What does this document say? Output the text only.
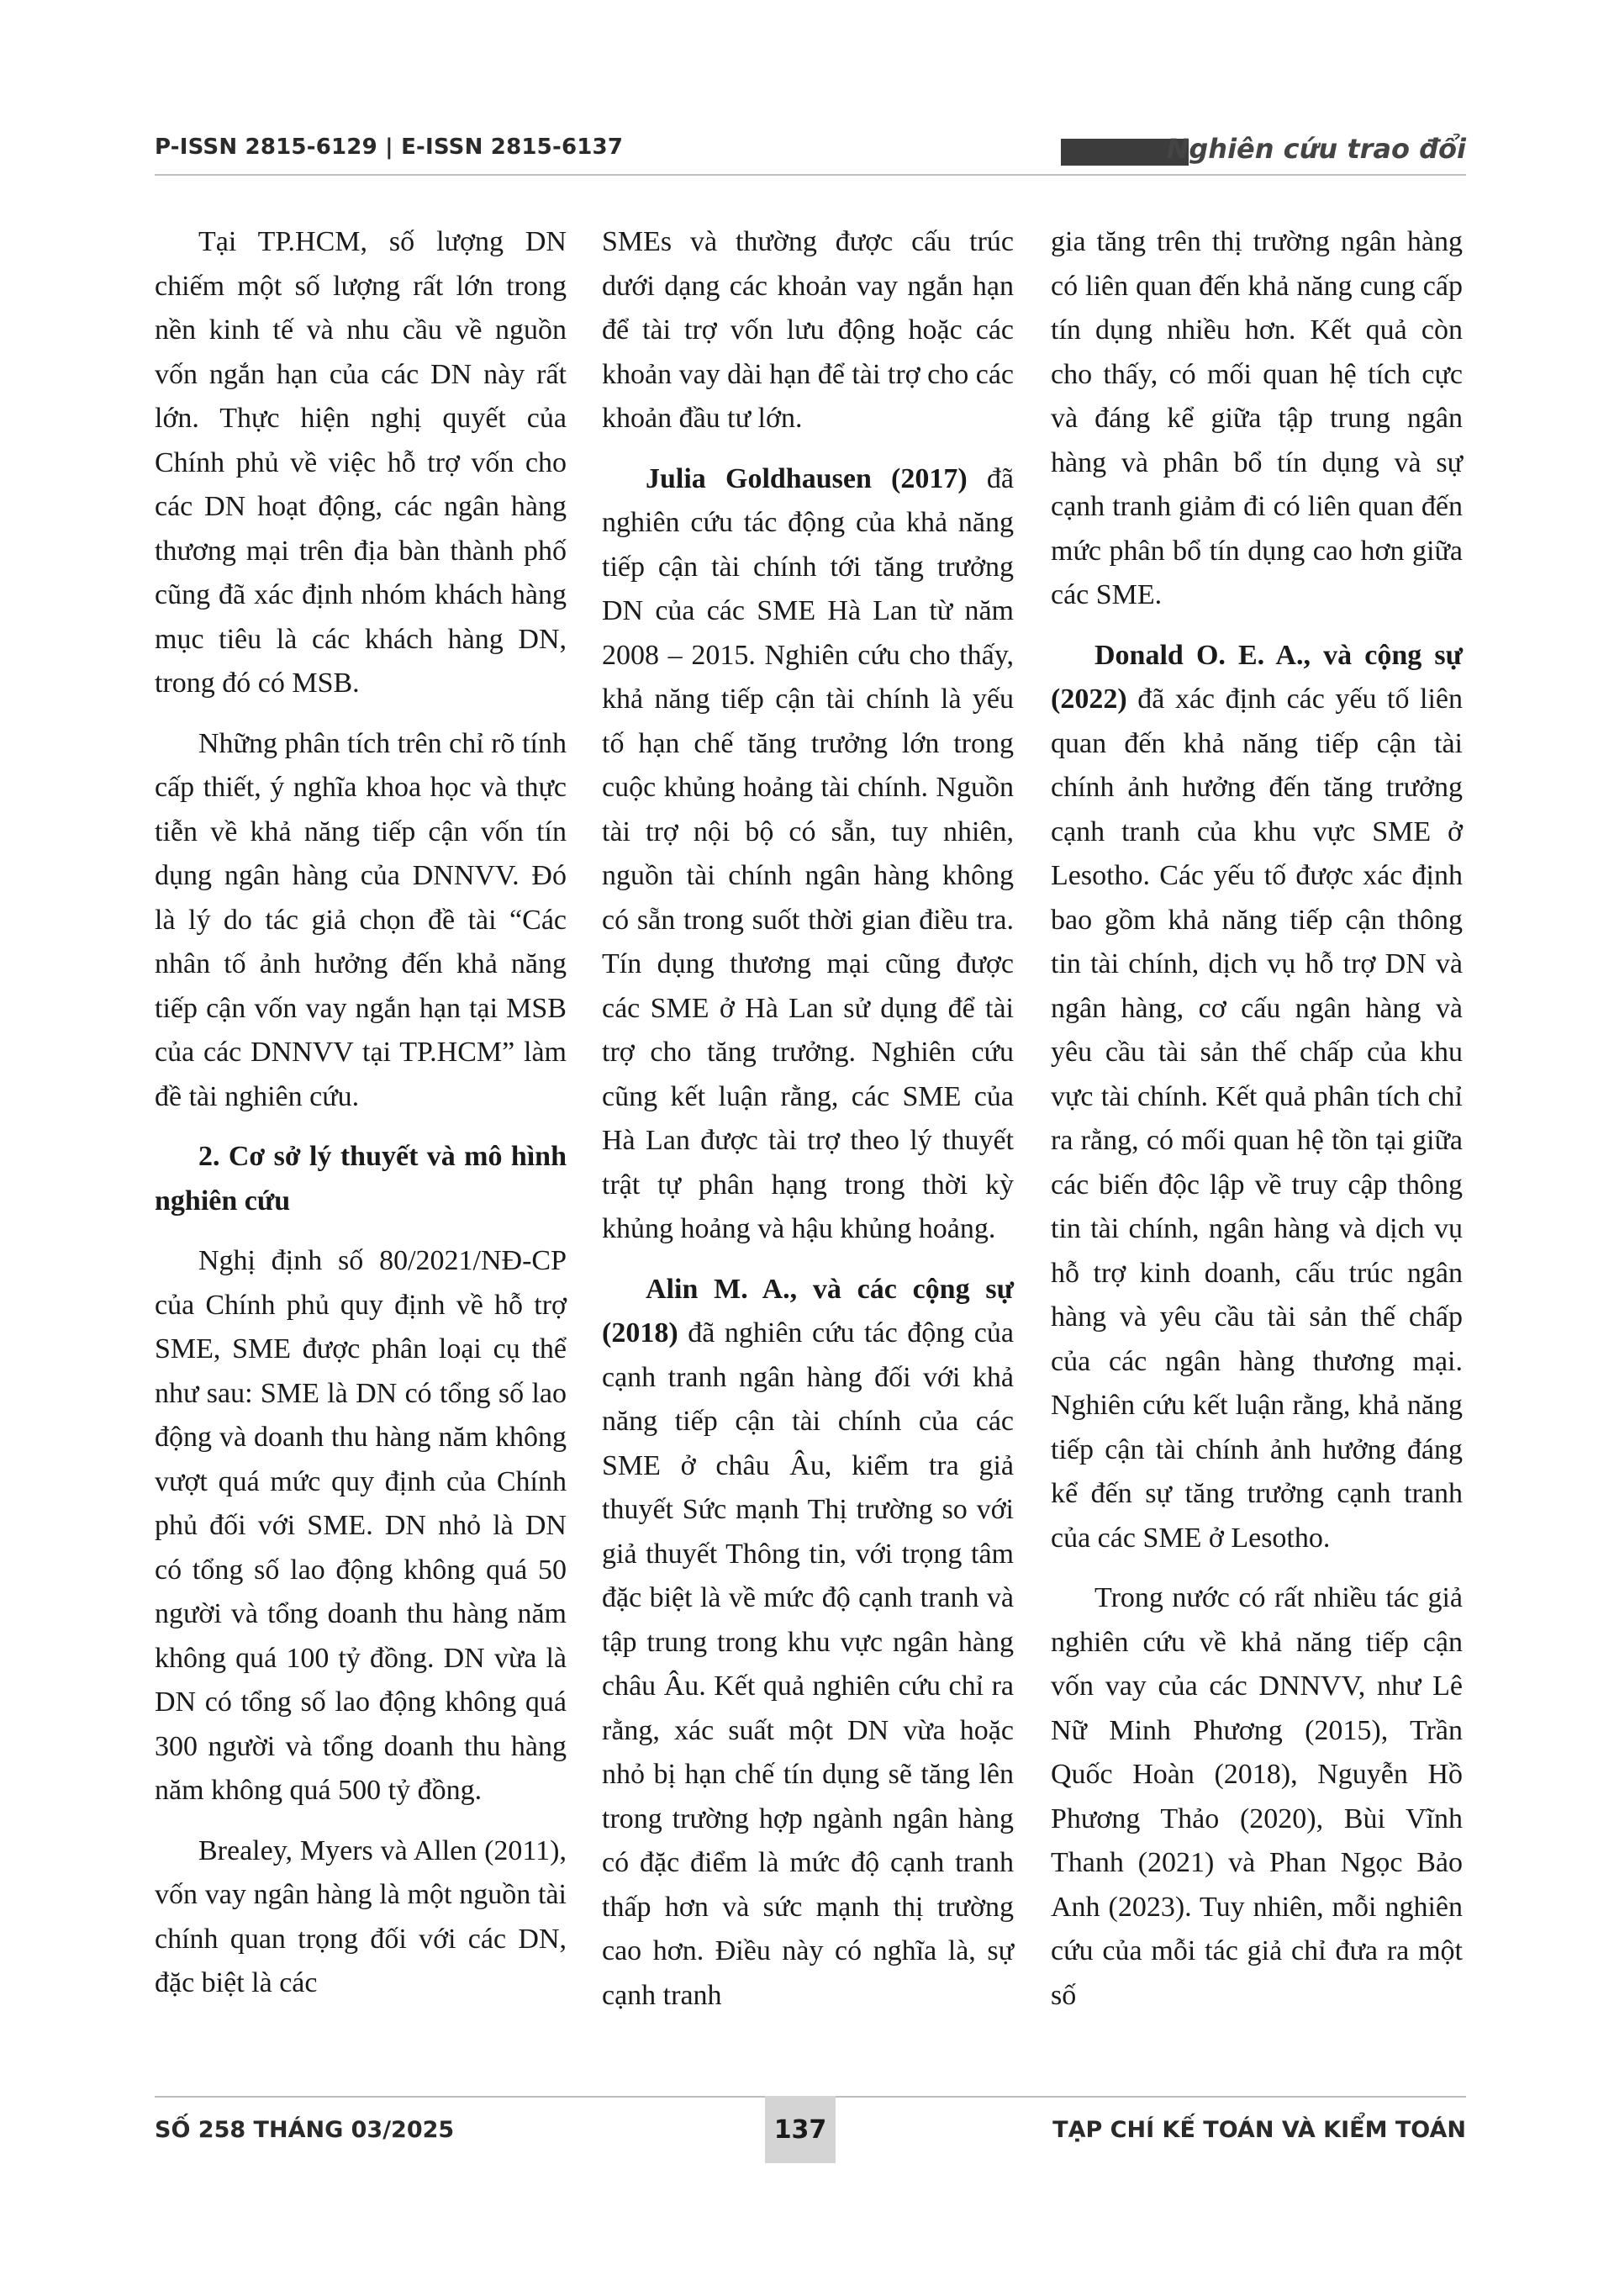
P-ISSN 2815-6129 | E-ISSN 2815-6137	Nghiên cứu trao đổi

Tại TP.HCM, số lượng DN chiếm một số lượng rất lớn trong nền kinh tế và nhu cầu về nguồn vốn ngắn hạn của các DN này rất lớn. Thực hiện nghị quyết của Chính phủ về việc hỗ trợ vốn cho các DN hoạt động, các ngân hàng thương mại trên địa bàn thành phố cũng đã xác định nhóm khách hàng mục tiêu là các khách hàng DN, trong đó có MSB.

Những phân tích trên chỉ rõ tính cấp thiết, ý nghĩa khoa học và thực tiễn về khả năng tiếp cận vốn tín dụng ngân hàng của DNNVV. Đó là lý do tác giả chọn đề tài “Các nhân tố ảnh hưởng đến khả năng tiếp cận vốn vay ngắn hạn tại MSB của các DNNVV tại TP.HCM” làm đề tài nghiên cứu.

2. Cơ sở lý thuyết và mô hình nghiên cứu

Nghị định số 80/2021/NĐ-CP của Chính phủ quy định về hỗ trợ SME, SME được phân loại cụ thể như sau: SME là DN có tổng số lao động và doanh thu hàng năm không vượt quá mức quy định của Chính phủ đối với SME. DN nhỏ là DN có tổng số lao động không quá 50 người và tổng doanh thu hàng năm không quá 100 tỷ đồng. DN vừa là DN có tổng số lao động không quá 300 người và tổng doanh thu hàng năm không quá 500 tỷ đồng.

Brealey, Myers và Allen (2011), vốn vay ngân hàng là một nguồn tài chính quan trọng đối với các DN, đặc biệt là các

SMEs và thường được cấu trúc dưới dạng các khoản vay ngắn hạn để tài trợ vốn lưu động hoặc các khoản vay dài hạn để tài trợ cho các khoản đầu tư lớn.

Julia Goldhausen (2017) đã nghiên cứu tác động của khả năng tiếp cận tài chính tới tăng trưởng DN của các SME Hà Lan từ năm 2008 – 2015. Nghiên cứu cho thấy, khả năng tiếp cận tài chính là yếu tố hạn chế tăng trưởng lớn trong cuộc khủng hoảng tài chính. Nguồn tài trợ nội bộ có sẵn, tuy nhiên, nguồn tài chính ngân hàng không có sẵn trong suốt thời gian điều tra. Tín dụng thương mại cũng được các SME ở Hà Lan sử dụng để tài trợ cho tăng trưởng. Nghiên cứu cũng kết luận rằng, các SME của Hà Lan được tài trợ theo lý thuyết trật tự phân hạng trong thời kỳ khủng hoảng và hậu khủng hoảng.

Alin M. A., và các cộng sự (2018) đã nghiên cứu tác động của cạnh tranh ngân hàng đối với khả năng tiếp cận tài chính của các SME ở châu Âu, kiểm tra giả thuyết Sức mạnh Thị trường so với giả thuyết Thông tin, với trọng tâm đặc biệt là về mức độ cạnh tranh và tập trung trong khu vực ngân hàng châu Âu. Kết quả nghiên cứu chỉ ra rằng, xác suất một DN vừa hoặc nhỏ bị hạn chế tín dụng sẽ tăng lên trong trường hợp ngành ngân hàng có đặc điểm là mức độ cạnh tranh thấp hơn và sức mạnh thị trường cao hơn. Điều này có nghĩa là, sự cạnh tranh

gia tăng trên thị trường ngân hàng có liên quan đến khả năng cung cấp tín dụng nhiều hơn. Kết quả còn cho thấy, có mối quan hệ tích cực và đáng kể giữa tập trung ngân hàng và phân bổ tín dụng và sự cạnh tranh giảm đi có liên quan đến mức phân bổ tín dụng cao hơn giữa các SME.

Donald O. E. A., và cộng sự (2022) đã xác định các yếu tố liên quan đến khả năng tiếp cận tài chính ảnh hưởng đến tăng trưởng cạnh tranh của khu vực SME ở Lesotho. Các yếu tố được xác định bao gồm khả năng tiếp cận thông tin tài chính, dịch vụ hỗ trợ DN và ngân hàng, cơ cấu ngân hàng và yêu cầu tài sản thế chấp của khu vực tài chính. Kết quả phân tích chỉ ra rằng, có mối quan hệ tồn tại giữa các biến độc lập về truy cập thông tin tài chính, ngân hàng và dịch vụ hỗ trợ kinh doanh, cấu trúc ngân hàng và yêu cầu tài sản thế chấp của các ngân hàng thương mại. Nghiên cứu kết luận rằng, khả năng tiếp cận tài chính ảnh hưởng đáng kể đến sự tăng trưởng cạnh tranh của các SME ở Lesotho.

Trong nước có rất nhiều tác giả nghiên cứu về khả năng tiếp cận vốn vay của các DNNVV, như Lê Nữ Minh Phương (2015), Trần Quốc Hoàn (2018), Nguyễn Hồ Phương Thảo (2020), Bùi Vĩnh Thanh (2021) và Phan Ngọc Bảo Anh (2023). Tuy nhiên, mỗi nghiên cứu của mỗi tác giả chỉ đưa ra một số

SỐ 258 THÁNG 03/2025	137	TẠP CHÍ KẾ TOÁN VÀ KIỂM TOÁN
